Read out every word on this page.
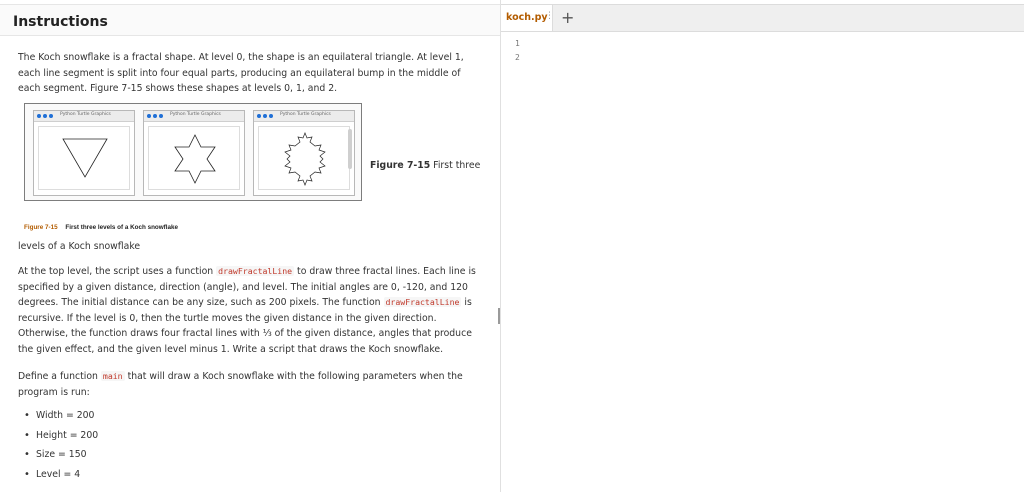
Instructions

The Koch snowflake is a fractal shape. At level 0, the shape is an equilateral triangle. At level 1, each line segment is split into four equal parts, producing an equilateral bump in the middle of each segment. Figure 7-15 shows these shapes at levels 0, 1, and 2.

Python Turtle Graphics	Python Turtle Graphics	Python Turtle Graphics
Figure 7-15 First three
Figure 7-15 First three levels of a Koch snowflake
levels of a Koch snowflake
At the top level, the script uses a function drawFractalLine to draw three fractal lines. Each line is specified by a given distance, direction (angle), and level. The initial angles are 0, -120, and 120 degrees. The initial distance can be any size, such as 200 pixels. The function drawFractalLine is recursive. If the level is 0, then the turtle moves the given distance in the given direction. Otherwise, the function draws four fractal lines with ⅓ of the given distance, angles that produce the given effect, and the given level minus 1. Write a script that draws the Koch snowflake.
Define a function main that will draw a Koch snowflake with the following parameters when the program is run:
• Width = 200
• Height = 200
• Size = 150
• Level = 4
koch.py
⋮ +
1
2
